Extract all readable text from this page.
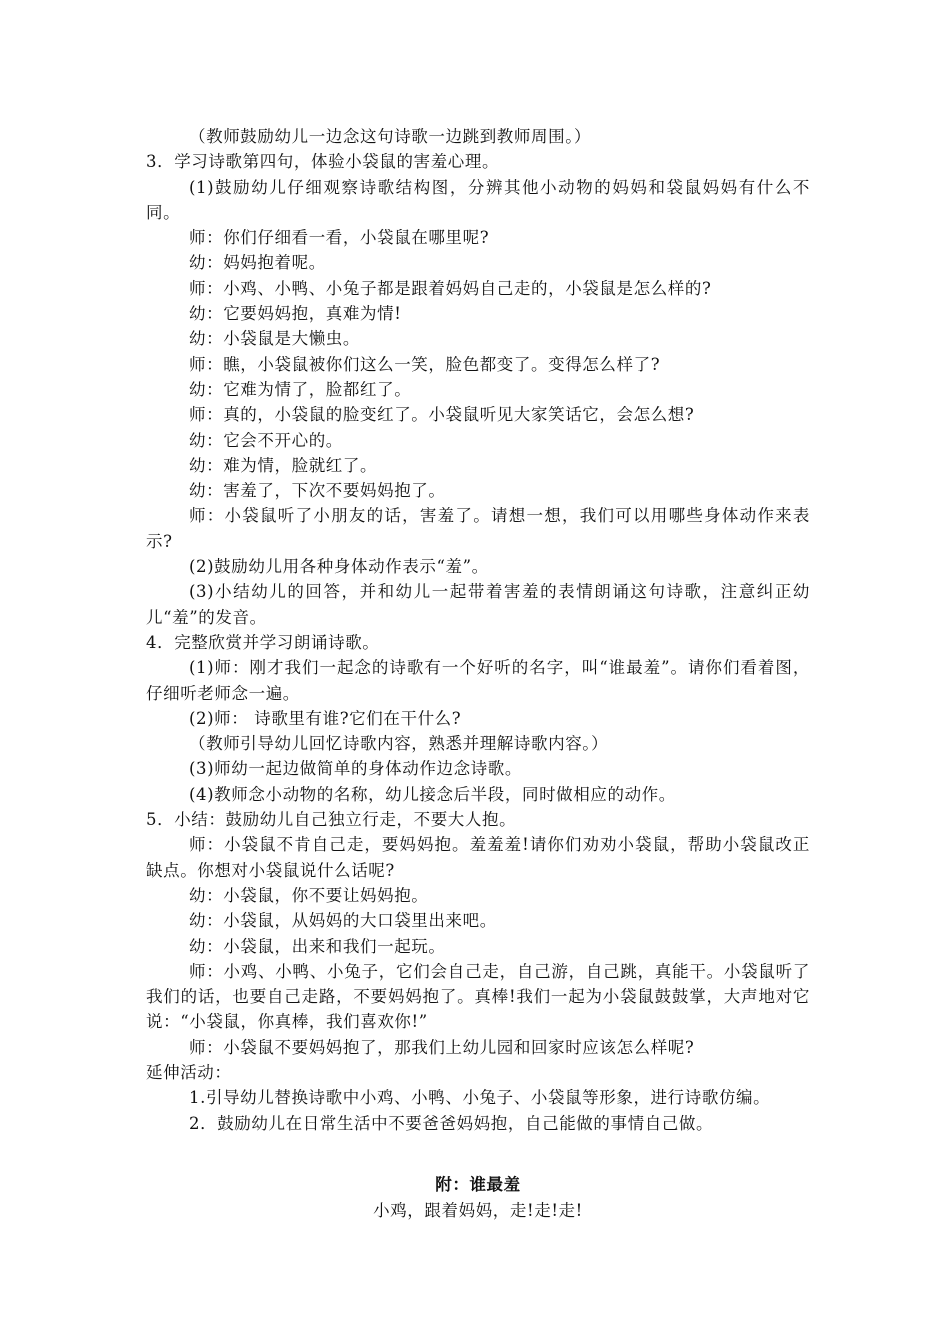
（教师鼓励幼儿一边念这句诗歌一边跳到教师周围。）
3．学习诗歌第四句，体验小袋鼠的害羞心理。
(1)鼓励幼儿仔细观察诗歌结构图，分辨其他小动物的妈妈和袋鼠妈妈有什么不同。
师：你们仔细看一看，小袋鼠在哪里呢?
幼：妈妈抱着呢。
师：小鸡、小鸭、小兔子都是跟着妈妈自己走的，小袋鼠是怎么样的?
幼：它要妈妈抱，真难为情!
幼：小袋鼠是大懒虫。
师：瞧，小袋鼠被你们这么一笑，脸色都变了。变得怎么样了?
幼：它难为情了，脸都红了。
师：真的，小袋鼠的脸变红了。小袋鼠听见大家笑话它，会怎么想?
幼：它会不开心的。
幼：难为情，脸就红了。
幼：害羞了，下次不要妈妈抱了。
师：小袋鼠听了小朋友的话，害羞了。请想一想，我们可以用哪些身体动作来表示?
(2)鼓励幼儿用各种身体动作表示“羞”。
(3)小结幼儿的回答，并和幼儿一起带着害羞的表情朗诵这句诗歌，注意纠正幼儿“羞”的发音。
4．完整欣赏并学习朗诵诗歌。
(1)师：刚才我们一起念的诗歌有一个好听的名字，叫“谁最羞”。请你们看着图，仔细听老师念一遍。
(2)师： 诗歌里有谁?它们在干什么?
（教师引导幼儿回忆诗歌内容，熟悉并理解诗歌内容。）
(3)师幼一起边做简单的身体动作边念诗歌。
(4)教师念小动物的名称，幼儿接念后半段，同时做相应的动作。
5．小结：鼓励幼儿自己独立行走，不要大人抱。
师：小袋鼠不肯自己走，要妈妈抱。羞羞羞!请你们劝劝小袋鼠，帮助小袋鼠改正缺点。你想对小袋鼠说什么话呢?
幼：小袋鼠，你不要让妈妈抱。
幼：小袋鼠，从妈妈的大口袋里出来吧。
幼：小袋鼠，出来和我们一起玩。
师：小鸡、小鸭、小兔子，它们会自己走，自己游，自己跳，真能干。小袋鼠听了我们的话，也要自己走路，不要妈妈抱了。真棒!我们一起为小袋鼠鼓鼓掌，大声地对它说：“小袋鼠，你真棒，我们喜欢你!”
师：小袋鼠不要妈妈抱了，那我们上幼儿园和回家时应该怎么样呢?
延伸活动：
1.引导幼儿替换诗歌中小鸡、小鸭、小兔子、小袋鼠等形象，进行诗歌仿编。
2．鼓励幼儿在日常生活中不要爸爸妈妈抱，自己能做的事情自己做。
附：谁最羞
小鸡，跟着妈妈，走!走!走!
